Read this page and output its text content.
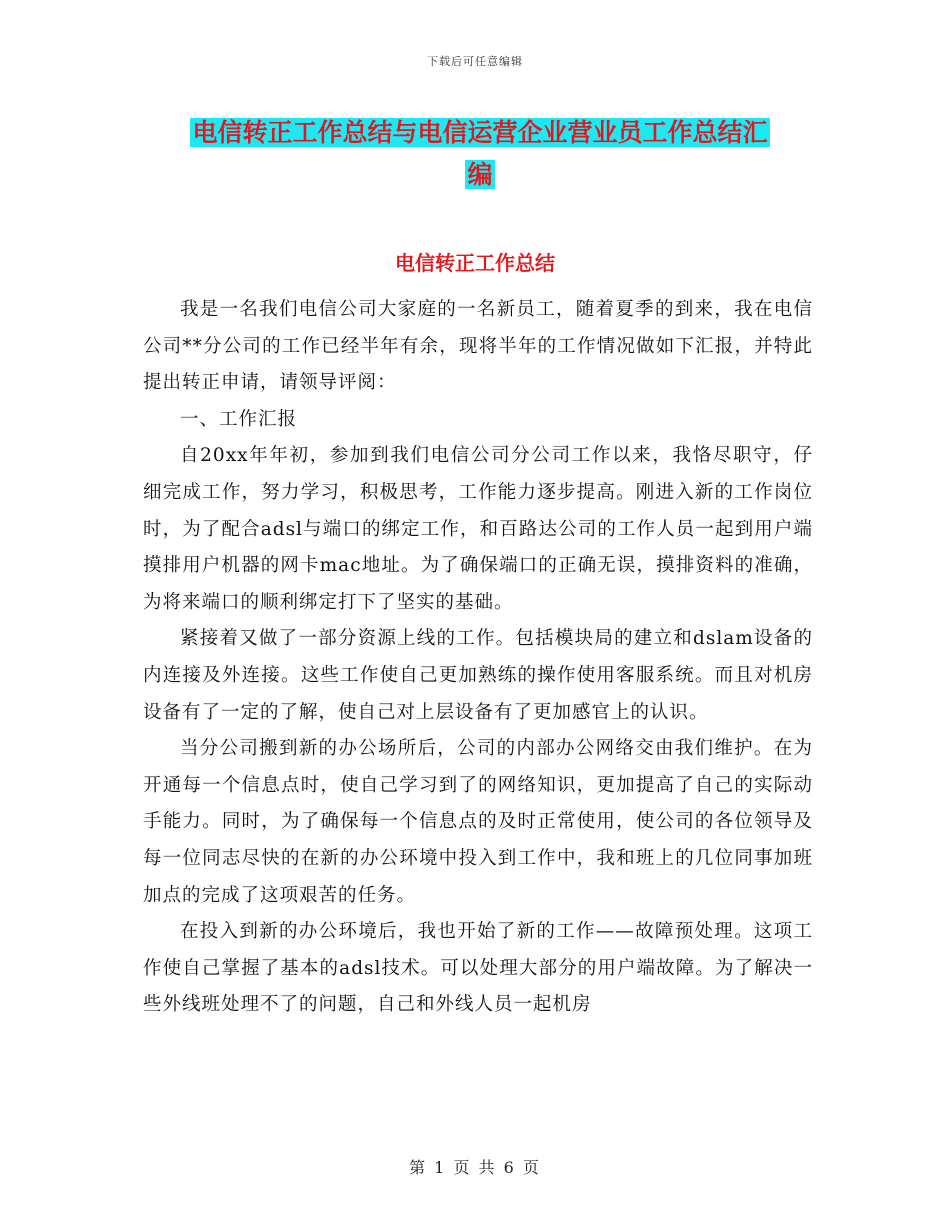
下载后可任意编辑
电信转正工作总结与电信运营企业营业员工作总结汇
编
电信转正工作总结

我是一名我们电信公司大家庭的一名新员工，随着夏季的到来，我在电信公司**分公司的工作已经半年有余，现将半年的工作情况做如下汇报，并特此提出转正申请，请领导评阅：

一、工作汇报

自20xx年年初，参加到我们电信公司分公司工作以来，我恪尽职守，仔细完成工作，努力学习，积极思考，工作能力逐步提高。刚进入新的工作岗位时，为了配合adsl与端口的绑定工作，和百路达公司的工作人员一起到用户端摸排用户机器的网卡mac地址。为了确保端口的正确无误，摸排资料的准确，为将来端口的顺利绑定打下了坚实的基础。

紧接着又做了一部分资源上线的工作。包括模块局的建立和dslam设备的内连接及外连接。这些工作使自己更加熟练的操作使用客服系统。而且对机房设备有了一定的了解，使自己对上层设备有了更加感官上的认识。

当分公司搬到新的办公场所后，公司的内部办公网络交由我们维护。在为开通每一个信息点时，使自己学习到了的网络知识，更加提高了自己的实际动手能力。同时，为了确保每一个信息点的及时正常使用，使公司的各位领导及每一位同志尽快的在新的办公环境中投入到工作中，我和班上的几位同事加班加点的完成了这项艰苦的任务。

在投入到新的办公环境后，我也开始了新的工作——故障预处理。这项工作使自己掌握了基本的adsl技术。可以处理大部分的用户端故障。为了解决一些外线班处理不了的问题，自己和外线人员一起机房

第 1 页 共 6 页
